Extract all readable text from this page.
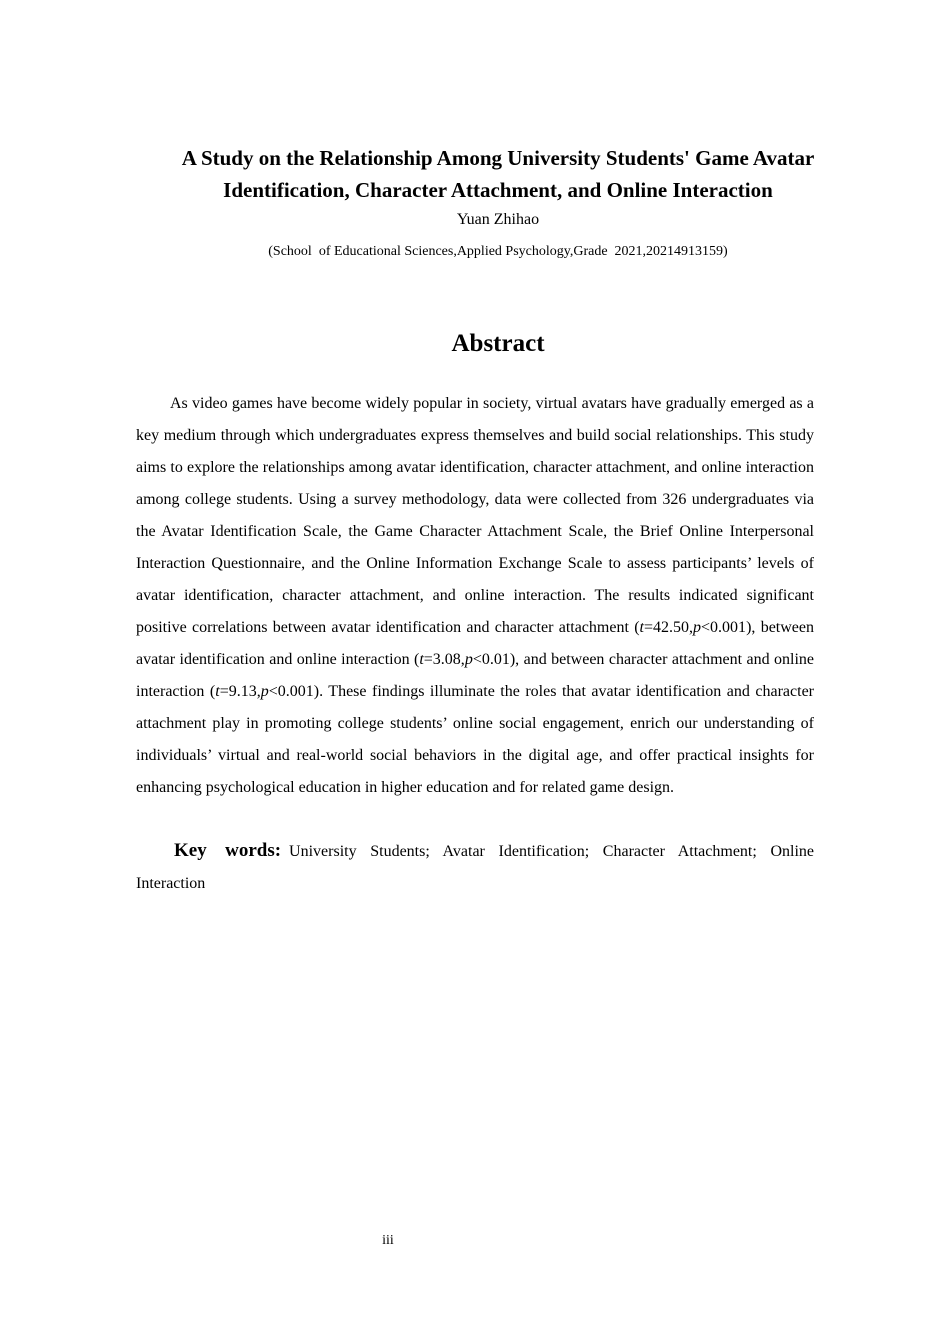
A Study on the Relationship Among University Students' Game Avatar Identification, Character Attachment, and Online Interaction
Yuan Zhihao
(School  of Educational Sciences,Applied Psychology,Grade  2021,20214913159)
Abstract

As video games have become widely popular in society, virtual avatars have gradually emerged as a key medium through which undergraduates express themselves and build social relationships. This study aims to explore the relationships among avatar identification, character attachment, and online interaction among college students. Using a survey methodology, data were collected from 326 undergraduates via the Avatar Identification Scale, the Game Character Attachment Scale, the Brief Online Interpersonal Interaction Questionnaire, and the Online Information Exchange Scale to assess participants’ levels of avatar identification, character attachment, and online interaction. The results indicated significant positive correlations between avatar identification and character attachment (t=42.50,p<0.001), between avatar identification and online interaction (t=3.08,p<0.01), and between character attachment and online interaction (t=9.13,p<0.001). These findings illuminate the roles that avatar identification and character attachment play in promoting college students’ online social engagement, enrich our understanding of individuals’ virtual and real-world social behaviors in the digital age, and offer practical insights for enhancing psychological education in higher education and for related game design.

Key words: University Students; Avatar Identification; Character Attachment; Online Interaction

iii
